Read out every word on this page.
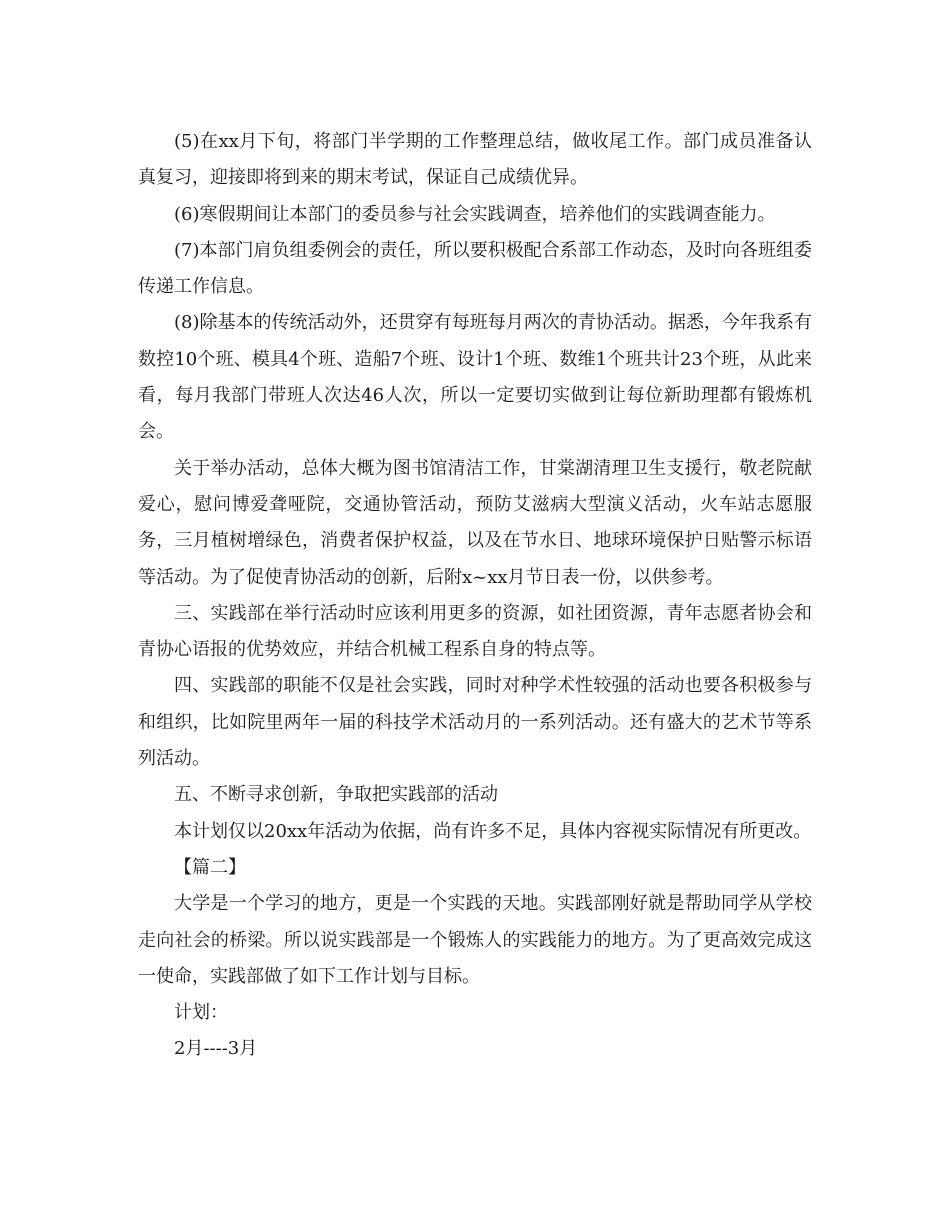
(5)在xx月下旬，将部门半学期的工作整理总结，做收尾工作。部门成员准备认真复习，迎接即将到来的期末考试，保证自己成绩优异。

(6)寒假期间让本部门的委员参与社会实践调查，培养他们的实践调查能力。

(7)本部门肩负组委例会的责任，所以要积极配合系部工作动态，及时向各班组委传递工作信息。

(8)除基本的传统活动外，还贯穿有每班每月两次的青协活动。据悉，今年我系有数控10个班、模具4个班、造船7个班、设计1个班、数维1个班共计23个班，从此来看，每月我部门带班人次达46人次，所以一定要切实做到让每位新助理都有锻炼机会。

关于举办活动，总体大概为图书馆清洁工作，甘棠湖清理卫生支援行，敬老院献爱心，慰问博爱聋哑院，交通协管活动，预防艾滋病大型演义活动，火车站志愿服务，三月植树增绿色，消费者保护权益，以及在节水日、地球环境保护日贴警示标语等活动。为了促使青协活动的创新，后附x~xx月节日表一份，以供参考。

三、实践部在举行活动时应该利用更多的资源，如社团资源，青年志愿者协会和青协心语报的优势效应，并结合机械工程系自身的特点等。

四、实践部的职能不仅是社会实践，同时对种学术性较强的活动也要各积极参与和组织，比如院里两年一届的科技学术活动月的一系列活动。还有盛大的艺术节等系列活动。

五、不断寻求创新，争取把实践部的活动

本计划仅以20xx年活动为依据，尚有许多不足，具体内容视实际情况有所更改。

【篇二】

大学是一个学习的地方，更是一个实践的天地。实践部刚好就是帮助同学从学校走向社会的桥梁。所以说实践部是一个锻炼人的实践能力的地方。为了更高效完成这一使命，实践部做了如下工作计划与目标。

计划：

2月----3月
